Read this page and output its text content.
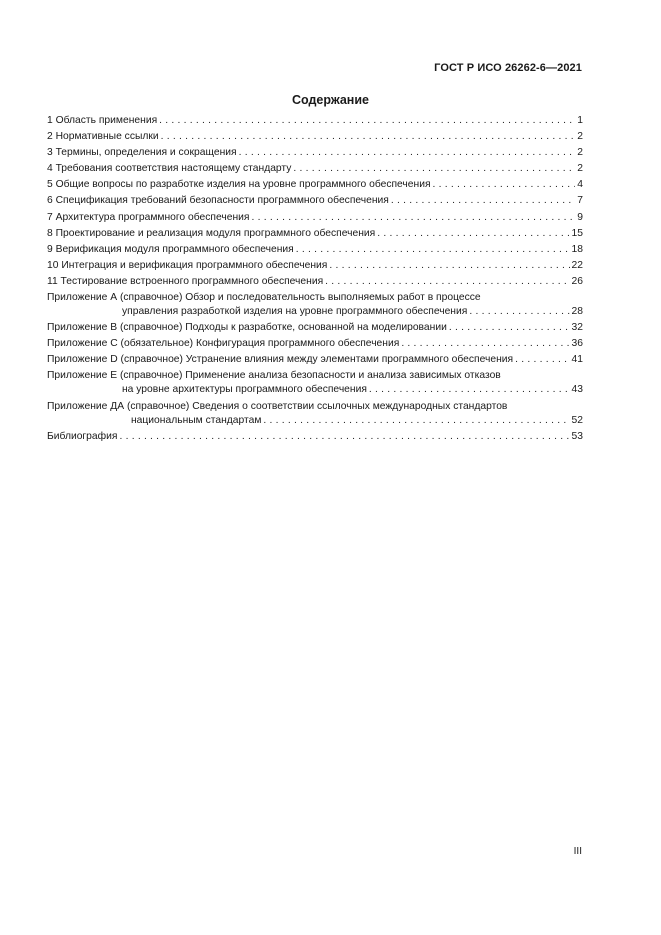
ГОСТ Р ИСО 26262-6—2021
Содержание
1 Область применения . . .	1
2 Нормативные ссылки . . .	2
3 Термины, определения и сокращения . . .	2
4 Требования соответствия настоящему стандарту . . .	2
5 Общие вопросы по разработке изделия на уровне программного обеспечения . . .	4
6 Спецификация требований безопасности программного обеспечения . . .	7
7 Архитектура программного обеспечения . . .	9
8 Проектирование и реализация модуля программного обеспечения . . .	15
9 Верификация модуля программного обеспечения . . .	18
10 Интеграция и верификация программного обеспечения . . .	22
11 Тестирование встроенного программного обеспечения . . .	26
Приложение А (справочное) Обзор и последовательность выполняемых работ в процессе
управления разработкой изделия на уровне программного обеспечения . . .	28
Приложение В (справочное) Подходы к разработке, основанной на моделировании . . .	32
Приложение С (обязательное) Конфигурация программного обеспечения . . .	36
Приложение D (справочное) Устранение влияния между элементами программного обеспечения . . .	41
Приложение Е (справочное) Применение анализа безопасности и анализа зависимых отказов
на уровне архитектуры программного обеспечения . . .	43
Приложение ДА (справочное) Сведения о соответствии ссылочных международных стандартов
национальным стандартам . . .	52
Библиография . . .	53
III
